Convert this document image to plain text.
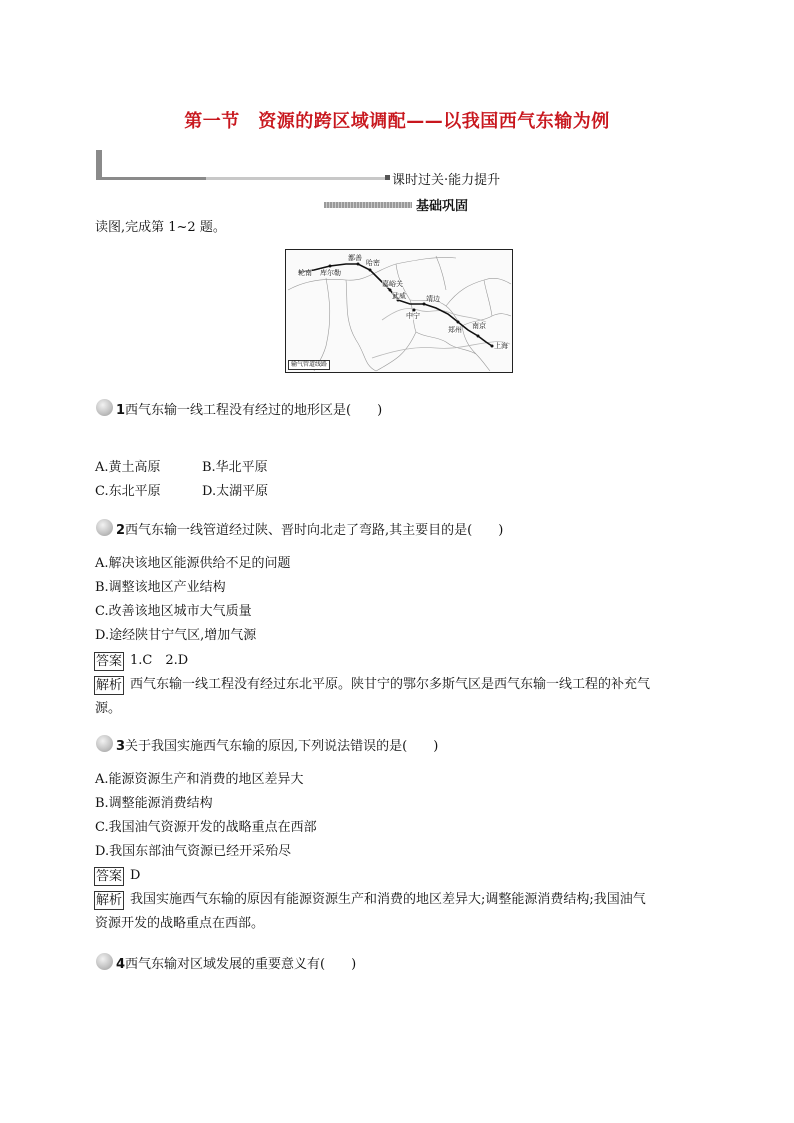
第一节　资源的跨区域调配——以我国西气东输为例
课时过关·能力提升
基础巩固
读图,完成第 1~2 题。
轮南 库尔勒
鄯善
哈密
嘉峪关
武威	靖边
中宁
郑州 南京
上海
输气管道线路
1西气东输一线工程没有经过的地形区是(　　)
A.黄土高原	B.华北平原
C.东北平原	D.太湖平原
2西气东输一线管道经过陕、晋时向北走了弯路,其主要目的是(　　)
A.解决该地区能源供给不足的问题
B.调整该地区产业结构
C.改善该地区城市大气质量
D.途经陕甘宁气区,增加气源
答案 1.C　2.D
解析 西气东输一线工程没有经过东北平原。陕甘宁的鄂尔多斯气区是西气东输一线工程的补充气
源。
3关于我国实施西气东输的原因,下列说法错误的是(　　)
A.能源资源生产和消费的地区差异大
B.调整能源消费结构
C.我国油气资源开发的战略重点在西部
D.我国东部油气资源已经开采殆尽
答案 D
解析 我国实施西气东输的原因有能源资源生产和消费的地区差异大;调整能源消费结构;我国油气
资源开发的战略重点在西部。
4西气东输对区域发展的重要意义有(　　)
